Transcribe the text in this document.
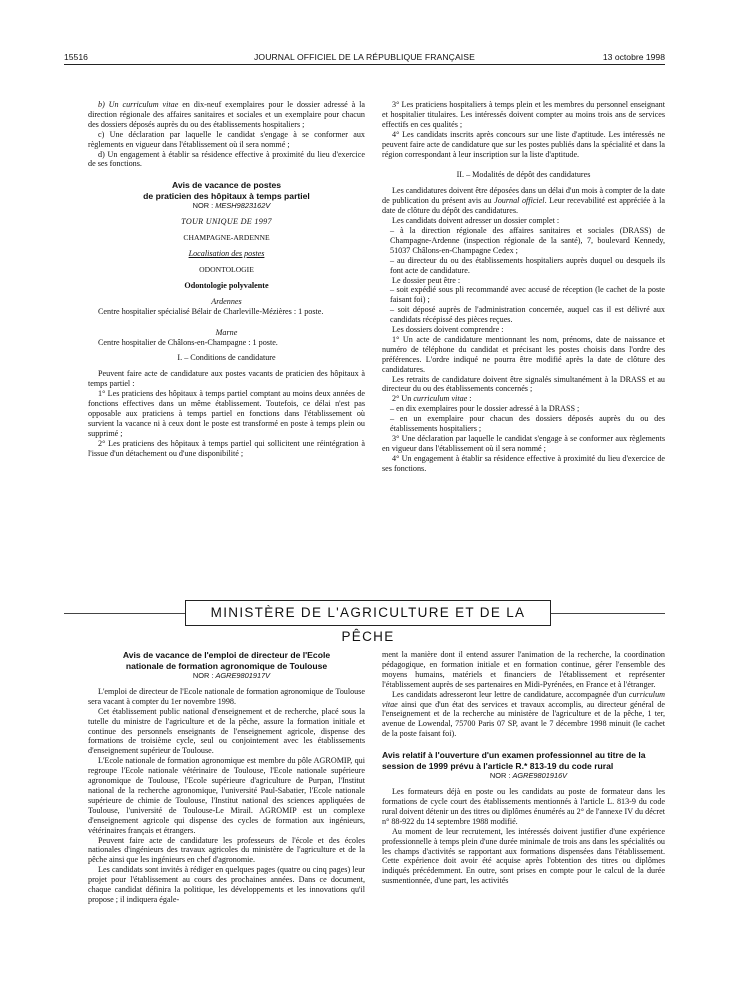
15516	JOURNAL OFFICIEL DE LA RÉPUBLIQUE FRANÇAISE	13 octobre 1998

b) Un curriculum vitae en dix-neuf exemplaires pour le dossier adressé à la direction régionale des affaires sanitaires et sociales et un exemplaire pour chacun des dossiers déposés auprès du ou des établissements hospitaliers ;

c) Une déclaration par laquelle le candidat s'engage à se conformer aux règlements en vigueur dans l'établissement où il sera nommé ;

d) Un engagement à établir sa résidence effective à proximité du lieu d'exercice de ses fonctions.

Avis de vacance de postes

de praticien des hôpitaux à temps partiel

NOR : MESH9823162V

TOUR UNIQUE DE 1997

CHAMPAGNE-ARDENNE

Localisation des postes

ODONTOLOGIE

Odontologie polyvalente

Ardennes

Centre hospitalier spécialisé Bélair de Charleville-Mézières : 1 poste.

Marne

Centre hospitalier de Châlons-en-Champagne : 1 poste.

I. – Conditions de candidature

Peuvent faire acte de candidature aux postes vacants de praticien des hôpitaux à temps partiel :

1° Les praticiens des hôpitaux à temps partiel comptant au moins deux années de fonctions effectives dans un même établissement. Toutefois, ce délai n'est pas opposable aux praticiens à temps partiel en fonctions dans l'établissement où survient la vacance ni à ceux dont le poste est transformé en poste à temps plein ou supprimé ;

2° Les praticiens des hôpitaux à temps partiel qui sollicitent une réintégration à l'issue d'un détachement ou d'une disponibilité ;

3° Les praticiens hospitaliers à temps plein et les membres du personnel enseignant et hospitalier titulaires. Les intéressés doivent compter au moins trois ans de services effectifs en ces qualités ;

4° Les candidats inscrits après concours sur une liste d'aptitude. Les intéressés ne peuvent faire acte de candidature que sur les postes publiés dans la spécialité et dans la région correspondant à leur inscription sur la liste d'aptitude.

II. – Modalités de dépôt des candidatures

Les candidatures doivent être déposées dans un délai d'un mois à compter de la date de publication du présent avis au Journal officiel. Leur recevabilité est appréciée à la date de clôture du dépôt des candidatures.

Les candidats doivent adresser un dossier complet :

– à la direction régionale des affaires sanitaires et sociales (DRASS) de Champagne-Ardenne (inspection régionale de la santé), 7, boulevard Kennedy, 51037 Châlons-en-Champagne Cedex ;

– au directeur du ou des établissements hospitaliers auprès duquel ou desquels ils font acte de candidature.

Le dossier peut être :

– soit expédié sous pli recommandé avec accusé de réception (le cachet de la poste faisant foi) ;

– soit déposé auprès de l'administration concernée, auquel cas il est délivré aux candidats récépissé des pièces reçues.

Les dossiers doivent comprendre :

1° Un acte de candidature mentionnant les nom, prénoms, date de naissance et numéro de téléphone du candidat et précisant les postes choisis dans l'ordre des préférences. L'ordre indiqué ne pourra être modifié après la date de clôture des candidatures.

Les retraits de candidature doivent être signalés simultanément à la DRASS et au directeur du ou des établissements concernés ;

2° Un curriculum vitae :

– en dix exemplaires pour le dossier adressé à la DRASS ;

– en un exemplaire pour chacun des dossiers déposés auprès du ou des établissements hospitaliers ;

3° Une déclaration par laquelle le candidat s'engage à se conformer aux règlements en vigueur dans l'établissement où il sera nommé ;

4° Un engagement à établir sa résidence effective à proximité du lieu d'exercice de ses fonctions.

MINISTÈRE DE L'AGRICULTURE ET DE LA PÊCHE

Avis de vacance de l'emploi de directeur de l'Ecole nationale de formation agronomique de Toulouse

NOR : AGRE9801917V

L'emploi de directeur de l'Ecole nationale de formation agronomique de Toulouse sera vacant à compter du 1er novembre 1998.

Cet établissement public national d'enseignement et de recherche, placé sous la tutelle du ministre de l'agriculture et de la pêche, assure la formation initiale et continue des personnels enseignants de l'enseignement agricole, dispense des formations de troisième cycle, seul ou conjointement avec les établissements d'enseignement supérieur de Toulouse.

L'Ecole nationale de formation agronomique est membre du pôle AGROMIP, qui regroupe l'Ecole nationale vétérinaire de Toulouse, l'Ecole nationale supérieure agronomique de Toulouse, l'Ecole supérieure d'agriculture de Purpan, l'Institut national de la recherche agronomique, l'université Paul-Sabatier, l'Ecole nationale supérieure de chimie de Toulouse, l'Institut national des sciences appliquées de Toulouse, l'université de Toulouse-Le Mirail. AGROMIP est un complexe d'enseignement agricole qui dispense des cycles de formation aux ingénieurs, vétérinaires français et étrangers.

Peuvent faire acte de candidature les professeurs de l'école et des écoles nationales d'ingénieurs des travaux agricoles du ministère de l'agriculture et de la pêche ainsi que les ingénieurs en chef d'agronomie.

Les candidats sont invités à rédiger en quelques pages (quatre ou cinq pages) leur projet pour l'établissement au cours des prochaines années. Dans ce document, chaque candidat définira la politique, les développements et les innovations qu'il propose ; il indiquera égale-

ment la manière dont il entend assurer l'animation de la recherche, la coordination pédagogique, en formation initiale et en formation continue, gérer l'ensemble des moyens humains, matériels et financiers de l'établissement et représenter l'établissement auprès de ses partenaires en Midi-Pyrénées, en France et à l'étranger.

Les candidats adresseront leur lettre de candidature, accompagnée d'un curriculum vitae ainsi que d'un état des services et travaux accomplis, au directeur général de l'enseignement et de la recherche au ministère de l'agriculture et de la pêche, 1 ter, avenue de Lowendal, 75700 Paris 07 SP, avant le 7 décembre 1998 minuit (le cachet de la poste faisant foi).

Avis relatif à l'ouverture d'un examen professionnel au titre de la session de 1999 prévu à l'article R.* 813-19 du code rural

NOR : AGRE9801916V

Les formateurs déjà en poste ou les candidats au poste de formateur dans les formations de cycle court des établissements mentionnés à l'article L. 813-9 du code rural doivent détenir un des titres ou diplômes énumérés au 2° de l'annexe IV du décret n° 88-922 du 14 septembre 1988 modifié.

Au moment de leur recrutement, les intéressés doivent justifier d'une expérience professionnelle à temps plein d'une durée minimale de trois ans dans les spécialités ou les champs d'activités se rapportant aux formations dispensées dans l'établissement. Cette expérience doit avoir été acquise après l'obtention des titres ou diplômes indiqués précédemment. En outre, sont prises en compte pour le calcul de la durée susmentionnée, d'une part, les activités
